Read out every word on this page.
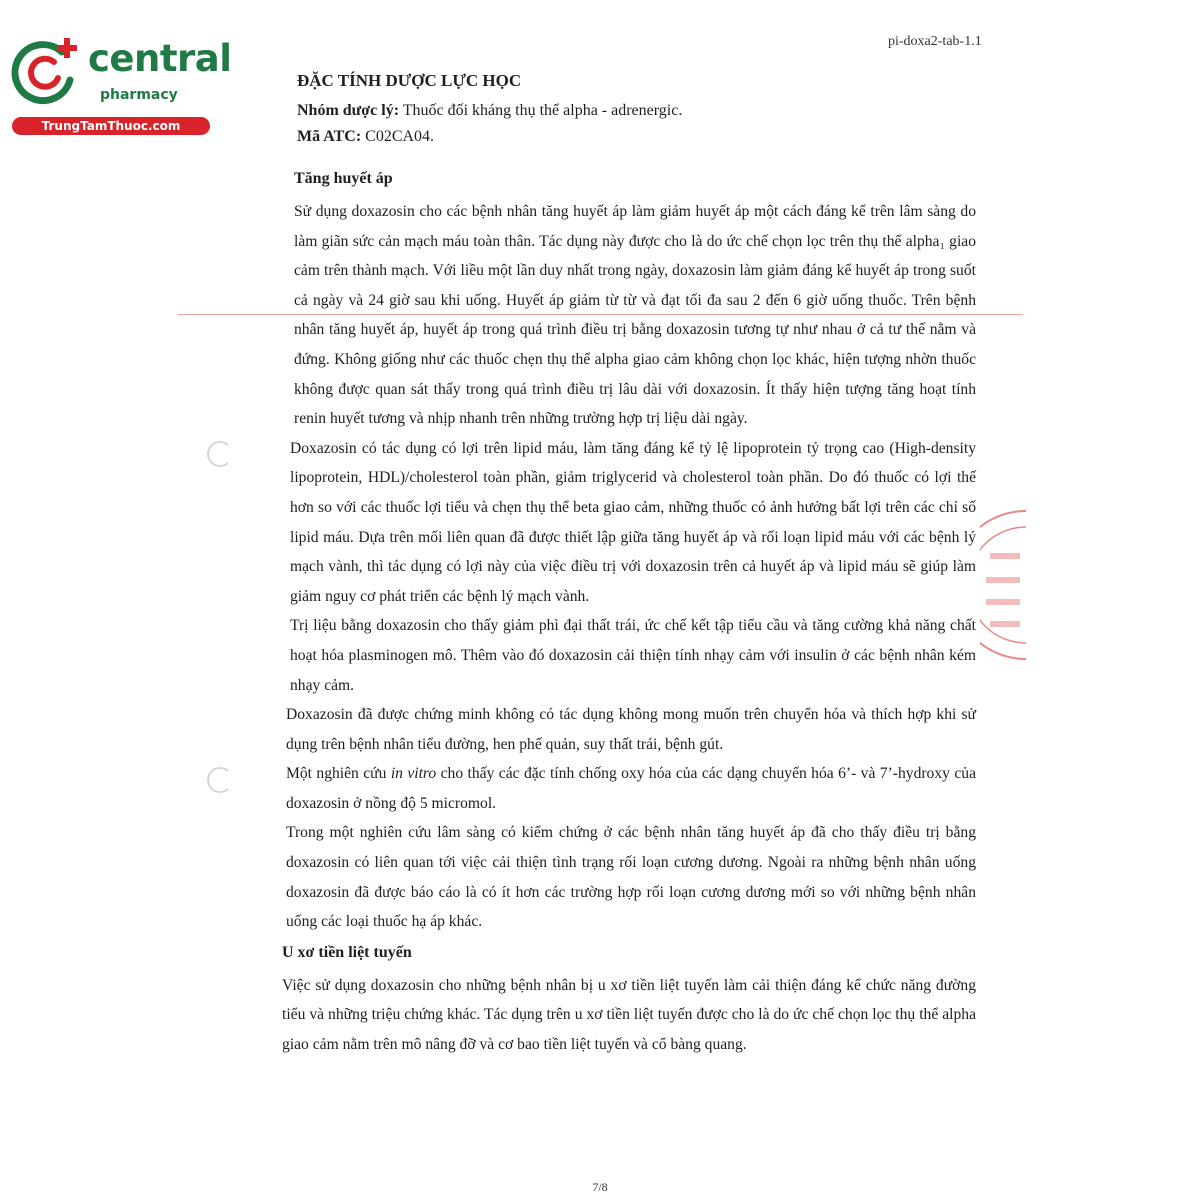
central
pharmacy
TrungTamThuoc.com
pi-doxa2-tab-1.1
ĐẶC TÍNH DƯỢC LỰC HỌC

Nhóm dược lý: Thuốc đối kháng thụ thể alpha - adrenergic.

Mã ATC: C02CA04.

Tăng huyết áp

Sử dụng doxazosin cho các bệnh nhân tăng huyết áp làm giảm huyết áp một cách đáng kể trên lâm sàng do làm giãn sức cản mạch máu toàn thân. Tác dụng này được cho là do ức chế chọn lọc trên thụ thể alpha₁ giao cảm trên thành mạch. Với liều một lần duy nhất trong ngày, doxazosin làm giảm đáng kể huyết áp trong suốt cả ngày và 24 giờ sau khi uống. Huyết áp giảm từ từ và đạt tối đa sau 2 đến 6 giờ uống thuốc. Trên bệnh nhân tăng huyết áp, huyết áp trong quá trình điều trị bằng doxazosin tương tự như nhau ở cả tư thế nằm và đứng. Không giống như các thuốc chẹn thụ thể alpha giao cảm không chọn lọc khác, hiện tượng nhờn thuốc không được quan sát thấy trong quá trình điều trị lâu dài với doxazosin. Ít thấy hiện tượng tăng hoạt tính renin huyết tương và nhịp nhanh trên những trường hợp trị liệu dài ngày.

Doxazosin có tác dụng có lợi trên lipid máu, làm tăng đáng kể tỷ lệ lipoprotein tỷ trọng cao (High-density lipoprotein, HDL)/cholesterol toàn phần, giảm triglycerid và cholesterol toàn phần. Do đó thuốc có lợi thế hơn so với các thuốc lợi tiểu và chẹn thụ thể beta giao cảm, những thuốc có ảnh hưởng bất lợi trên các chỉ số lipid máu. Dựa trên mối liên quan đã được thiết lập giữa tăng huyết áp và rối loạn lipid máu với các bệnh lý mạch vành, thì tác dụng có lợi này của việc điều trị với doxazosin trên cả huyết áp và lipid máu sẽ giúp làm giảm nguy cơ phát triển các bệnh lý mạch vành.

Trị liệu bằng doxazosin cho thấy giảm phì đại thất trái, ức chế kết tập tiểu cầu và tăng cường khả năng chất hoạt hóa plasminogen mô. Thêm vào đó doxazosin cải thiện tính nhạy cảm với insulin ở các bệnh nhân kém nhạy cảm.

Doxazosin đã được chứng minh không có tác dụng không mong muốn trên chuyển hóa và thích hợp khi sử dụng trên bệnh nhân tiểu đường, hen phế quản, suy thất trái, bệnh gút.

Một nghiên cứu in vitro cho thấy các đặc tính chống oxy hóa của các dạng chuyển hóa 6’- và 7’-hydroxy của doxazosin ở nồng độ 5 micromol.

Trong một nghiên cứu lâm sàng có kiểm chứng ở các bệnh nhân tăng huyết áp đã cho thấy điều trị bằng doxazosin có liên quan tới việc cải thiện tình trạng rối loạn cương dương. Ngoài ra những bệnh nhân uống doxazosin đã được báo cáo là có ít hơn các trường hợp rối loạn cương dương mới so với những bệnh nhân uống các loại thuốc hạ áp khác.

U xơ tiền liệt tuyến

Việc sử dụng doxazosin cho những bệnh nhân bị u xơ tiền liệt tuyến làm cải thiện đáng kể chức năng đường tiểu và những triệu chứng khác. Tác dụng trên u xơ tiền liệt tuyến được cho là do ức chế chọn lọc thụ thể alpha giao cảm nằm trên mô nâng đỡ và cơ bao tiền liệt tuyến và cổ bàng quang.

7/8
